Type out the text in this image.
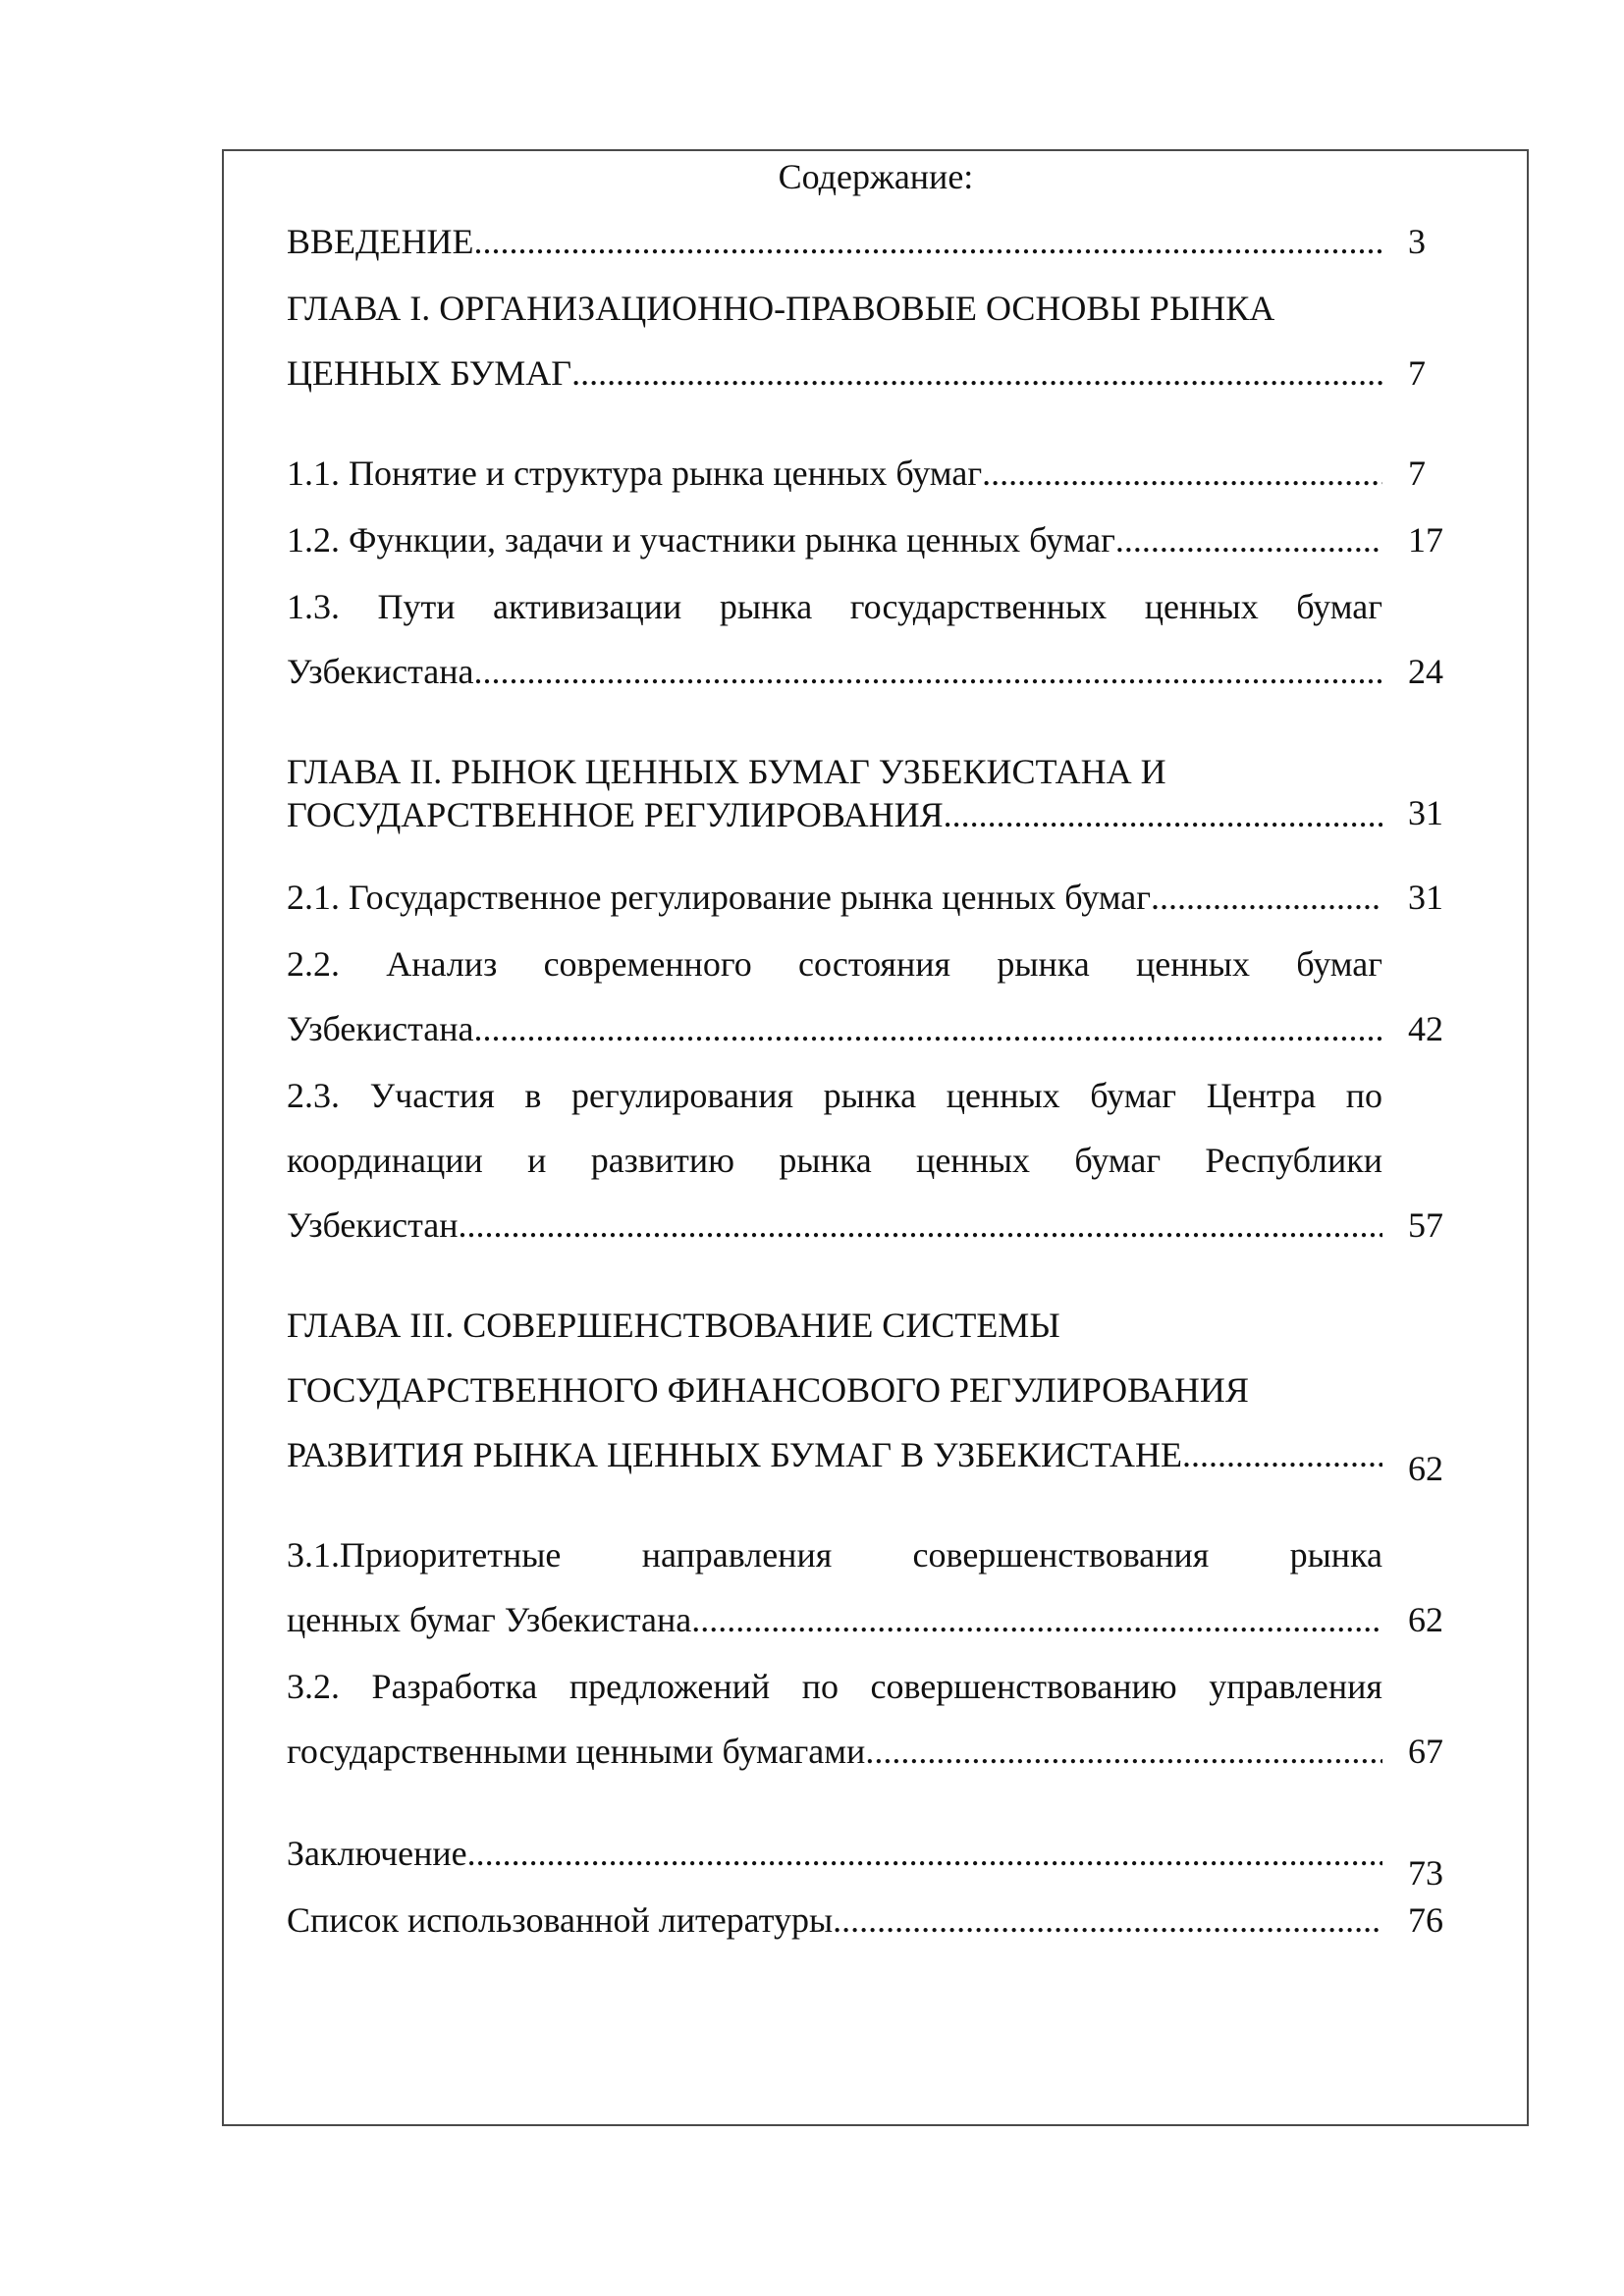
Содержание:
ВВЕДЕНИЕ .....	3
ГЛАВА I. ОРГАНИЗАЦИОННО-ПРАВОВЫЕ ОСНОВЫ РЫНКА
ЦЕННЫХ БУМАГ .....	7
1.1. Понятие и структура рынка ценных бумаг .....	7
1.2. Функции, задачи и участники рынка ценных бумаг .....	17
1.3. Пути активизации рынка государственных ценных бумаг
Узбекистана .....	24
ГЛАВА II. РЫНОК ЦЕННЫХ БУМАГ УЗБЕКИСТАНА И
ГОСУДАРСТВЕННОЕ РЕГУЛИРОВАНИЯ .....	31
2.1. Государственное регулирование рынка ценных бумаг .....	31
2.2. Анализ современного состояния рынка ценных бумаг
Узбекистана .....	42
2.3. Участия в регулирования рынка ценных бумаг Центра по
координации и развитию рынка ценных бумаг Республики
Узбекистан .....	57
ГЛАВА III. СОВЕРШЕНСТВОВАНИЕ СИСТЕМЫ
ГОСУДАРСТВЕННОГО ФИНАНСОВОГО РЕГУЛИРОВАНИЯ
РАЗВИТИЯ РЫНКА ЦЕННЫХ БУМАГ В УЗБЕКИСТАНЕ .....	62
3.1.Приоритетные направления совершенствования рынка
ценных бумаг Узбекистана .....	62
3.2. Разработка предложений по совершенствованию управления
государственными ценными бумагами .....	67
Заключение .....	73
Список использованной литературы .....	76
